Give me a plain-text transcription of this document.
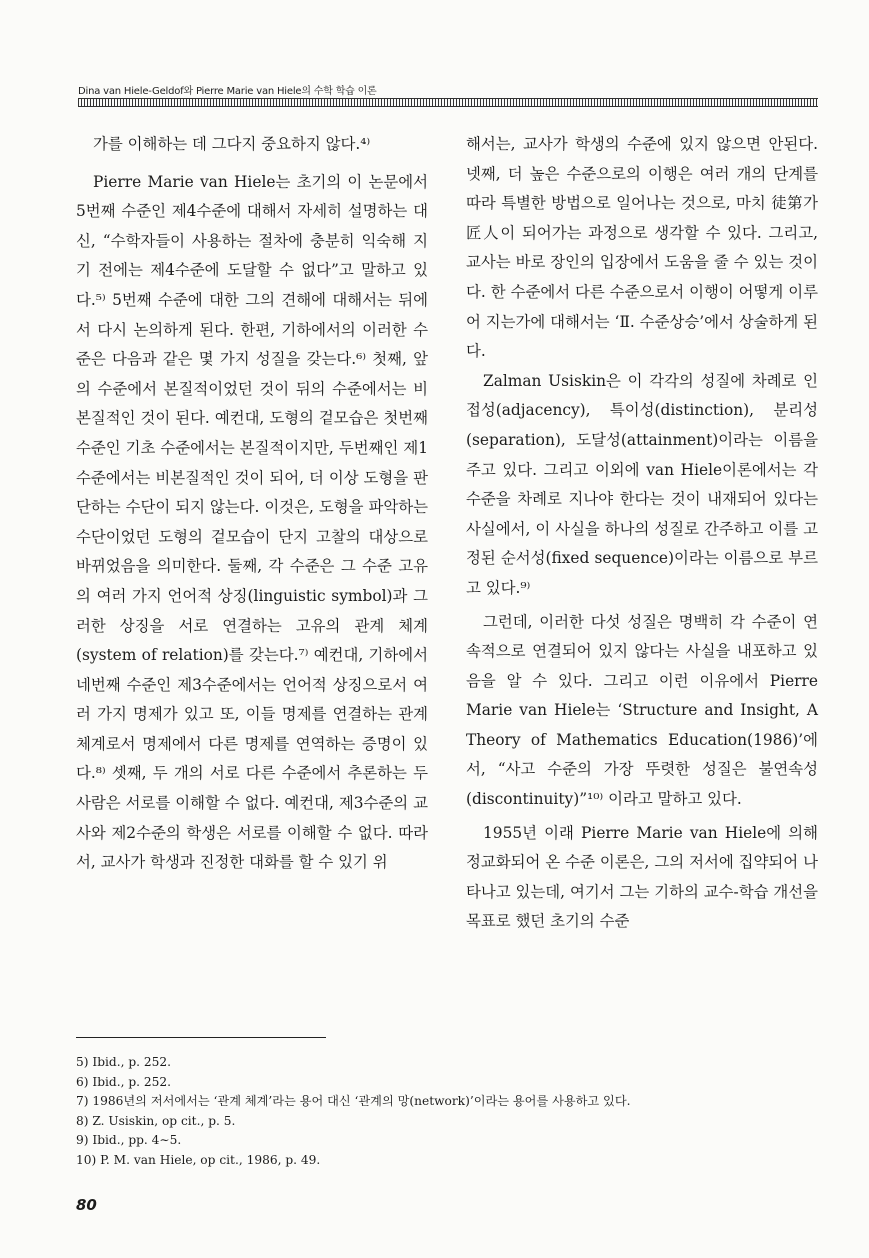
Dina van Hiele-Geldof와 Pierre Marie van Hiele의 수학 학습 이론

가를 이해하는 데 그다지 중요하지 않다.⁴⁾

Pierre Marie van Hiele는 초기의 이 논문에서 5번째 수준인 제4수준에 대해서 자세히 설명하는 대신, “수학자들이 사용하는 절차에 충분히 익숙해 지기 전에는 제4수준에 도달할 수 없다”고 말하고 있다.⁵⁾ 5번째 수준에 대한 그의 견해에 대해서는 뒤에서 다시 논의하게 된다. 한편, 기하에서의 이러한 수준은 다음과 같은 몇 가지 성질을 갖는다.⁶⁾ 첫째, 앞의 수준에서 본질적이었던 것이 뒤의 수준에서는 비본질적인 것이 된다. 예컨대, 도형의 겉모습은 첫번째 수준인 기초 수준에서는 본질적이지만, 두번째인 제1수준에서는 비본질적인 것이 되어, 더 이상 도형을 판단하는 수단이 되지 않는다. 이것은, 도형을 파악하는 수단이었던 도형의 겉모습이 단지 고찰의 대상으로 바뀌었음을 의미한다. 둘째, 각 수준은 그 수준 고유의 여러 가지 언어적 상징(linguistic symbol)과 그러한 상징을 서로 연결하는 고유의 관계 체계(system of relation)를 갖는다.⁷⁾ 예컨대, 기하에서 네번째 수준인 제3수준에서는 언어적 상징으로서 여러 가지 명제가 있고 또, 이들 명제를 연결하는 관계 체계로서 명제에서 다른 명제를 연역하는 증명이 있다.⁸⁾ 셋째, 두 개의 서로 다른 수준에서 추론하는 두 사람은 서로를 이해할 수 없다. 예컨대, 제3수준의 교사와 제2수준의 학생은 서로를 이해할 수 없다. 따라서, 교사가 학생과 진정한 대화를 할 수 있기 위

해서는, 교사가 학생의 수준에 있지 않으면 안된다. 넷째, 더 높은 수준으로의 이행은 여러 개의 단계를 따라 특별한 방법으로 일어나는 것으로, 마치 徒第가 匠人이 되어가는 과정으로 생각할 수 있다. 그리고, 교사는 바로 장인의 입장에서 도움을 줄 수 있는 것이다. 한 수준에서 다른 수준으로서 이행이 어떻게 이루어 지는가에 대해서는 ‘Ⅱ. 수준상승’에서 상술하게 된다.

Zalman Usiskin은 이 각각의 성질에 차례로 인접성(adjacency), 특이성(distinction), 분리성(separation), 도달성(attainment)이라는 이름을 주고 있다. 그리고 이외에 van Hiele이론에서는 각 수준을 차례로 지나야 한다는 것이 내재되어 있다는 사실에서, 이 사실을 하나의 성질로 간주하고 이를 고정된 순서성(fixed sequence)이라는 이름으로 부르고 있다.⁹⁾

그런데, 이러한 다섯 성질은 명백히 각 수준이 연속적으로 연결되어 있지 않다는 사실을 내포하고 있음을 알 수 있다. 그리고 이런 이유에서 Pierre Marie van Hiele는 ‘Structure and Insight, A Theory of Mathematics Education(1986)’에서, “사고 수준의 가장 뚜렷한 성질은 불연속성(discontinuity)”¹⁰⁾ 이라고 말하고 있다.

1955년 이래 Pierre Marie van Hiele에 의해 정교화되어 온 수준 이론은, 그의 저서에 집약되어 나타나고 있는데, 여기서 그는 기하의 교수-학습 개선을 목표로 했던 초기의 수준

5) Ibid., p. 252.
6) Ibid., p. 252.
7) 1986년의 저서에서는 ‘관계 체계’라는 용어 대신 ‘관계의 망(network)’이라는 용어를 사용하고 있다.
8) Z. Usiskin, op cit., p. 5.
9) Ibid., pp. 4∼5.
10) P. M. van Hiele, op cit., 1986, p. 49.
80
